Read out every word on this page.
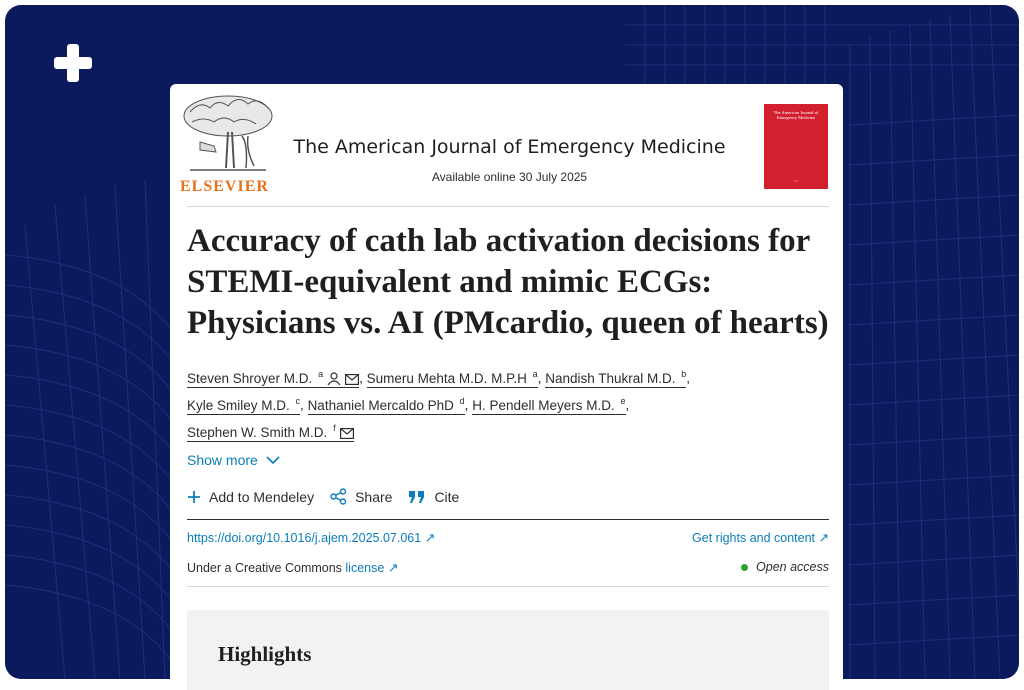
ELSEVIER
The American Journal of Emergency Medicine
Available online 30 July 2025
The American Journal of Emergency Medicine
▪ ▪ ▪
Accuracy of cath lab activation decisions for
STEMI-equivalent and mimic ECGs:
Physicians vs. AI (PMcardio, queen of hearts)
Steven Shroyer M.D. $^a$	, Sumeru Mehta M.D. M.P.H $^a$, Nandish Thukral M.D. $^b$,
Kyle Smiley M.D. $^c$, Nathaniel Mercaldo PhD $^d$, H. Pendell Meyers M.D. $^e$,
Stephen W. Smith M.D. $^f$
Show more
Add to Mendeley	Share	Cite
https://doi.org/10.1016/j.ajem.2025.07.061 ↗	Get rights and content ↗
Under a Creative Commons license ↗	Open access
Highlights
